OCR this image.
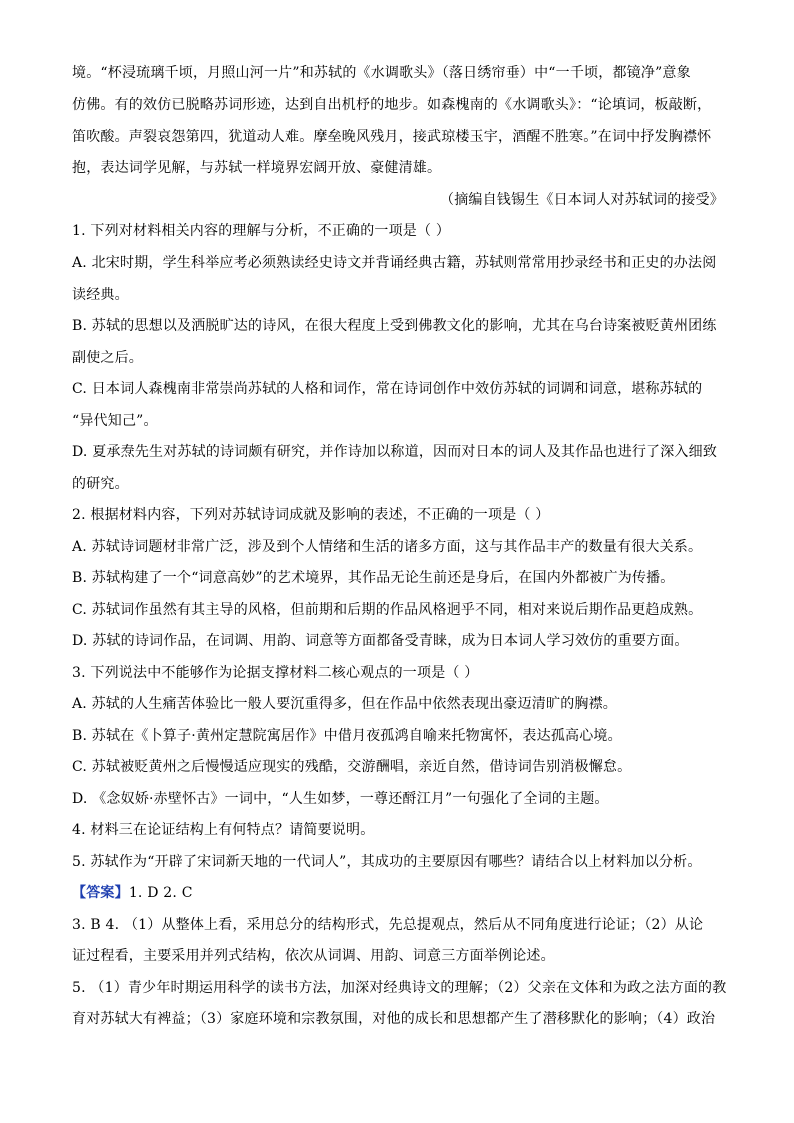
境。“杯浸琉璃千顷，月照山河一片”和苏轼的《水调歌头》（落日绣帘垂）中“一千顷，都镜净”意象
仿佛。有的效仿已脱略苏词形迹，达到自出机杼的地步。如森槐南的《水调歌头》：“论填词，板敲断，
笛吹酸。声裂哀怨第四，犹道动人难。摩垒晚风残月，接武琼楼玉宇，酒醒不胜寒。”在词中抒发胸襟怀
抱，表达词学见解，与苏轼一样境界宏阔开放、豪健清雄。
（摘编自钱锡生《日本词人对苏轼词的接受》
1. 下列对材料相关内容的理解与分析，不正确的一项是（ ）
A. 北宋时期，学生科举应考必须熟读经史诗文并背诵经典古籍，苏轼则常常用抄录经书和正史的办法阅
读经典。
B. 苏轼的思想以及洒脱旷达的诗风，在很大程度上受到佛教文化的影响，尤其在乌台诗案被贬黄州团练
副使之后。
C. 日本词人森槐南非常崇尚苏轼的人格和词作，常在诗词创作中效仿苏轼的词调和词意，堪称苏轼的
“异代知己”。
D. 夏承焘先生对苏轼的诗词颇有研究，并作诗加以称道，因而对日本的词人及其作品也进行了深入细致
的研究。
2. 根据材料内容，下列对苏轼诗词成就及影响的表述，不正确的一项是（ ）
A. 苏轼诗词题材非常广泛，涉及到个人情绪和生活的诸多方面，这与其作品丰产的数量有很大关系。
B. 苏轼构建了一个“词意高妙”的艺术境界，其作品无论生前还是身后，在国内外都被广为传播。
C. 苏轼词作虽然有其主导的风格，但前期和后期的作品风格迥乎不同，相对来说后期作品更趋成熟。
D. 苏轼的诗词作品，在词调、用韵、词意等方面都备受青睐，成为日本词人学习效仿的重要方面。
3. 下列说法中不能够作为论据支撑材料二核心观点的一项是（ ）
A. 苏轼的人生痛苦体验比一般人要沉重得多，但在作品中依然表现出豪迈清旷的胸襟。
B. 苏轼在《卜算子·黄州定慧院寓居作》中借月夜孤鸿自喻来托物寓怀，表达孤高心境。
C. 苏轼被贬黄州之后慢慢适应现实的残酷，交游酬唱，亲近自然，借诗词告别消极懈怠。
D. 《念奴娇·赤壁怀古》一词中，“人生如梦，一尊还酹江月”一句强化了全词的主题。
4. 材料三在论证结构上有何特点？请简要说明。
5. 苏轼作为“开辟了宋词新天地的一代词人”，其成功的主要原因有哪些？请结合以上材料加以分析。
【答案】1. D 2. C
3. B 4. （1）从整体上看，采用总分的结构形式，先总提观点，然后从不同角度进行论证；（2）从论
证过程看，主要采用并列式结构，依次从词调、用韵、词意三方面举例论述。
5. （1）青少年时期运用科学的读书方法，加深对经典诗文的理解；（2）父亲在文体和为政之法方面的教
育对苏轼大有裨益；（3）家庭环境和宗教氛围，对他的成长和思想都产生了潜移默化的影响；（4）政治
